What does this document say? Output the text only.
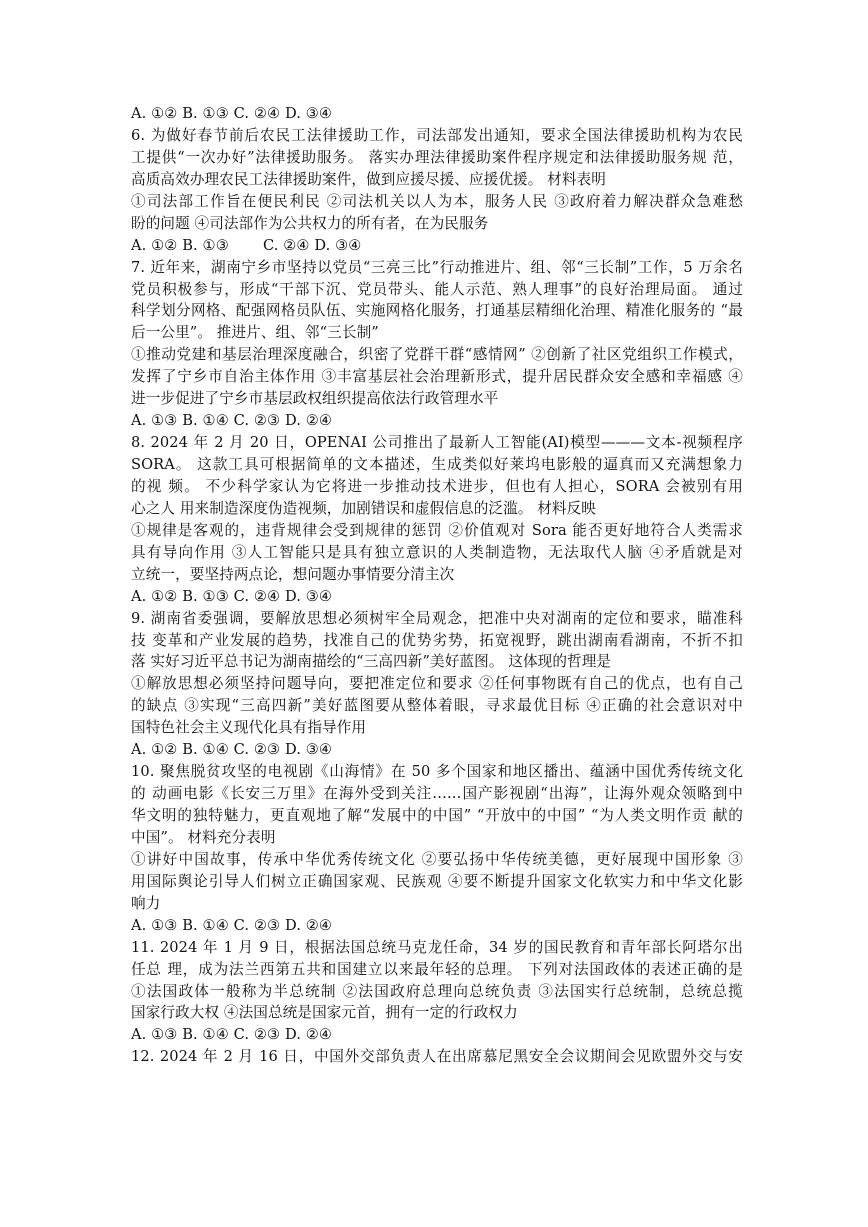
A. ①② B. ①③ C. ②④ D. ③④
6. 为做好春节前后农民工法律援助工作，司法部发出通知，要求全国法律援助机构为农民
工提供“一次办好”法律援助服务。 落实办理法律援助案件程序规定和法律援助服务规 范，
高质高效办理农民工法律援助案件，做到应援尽援、应援优援。 材料表明
①司法部工作旨在便民利民 ②司法机关以人为本，服务人民 ③政府着力解决群众急难愁
盼的问题 ④司法部作为公共权力的所有者，在为民服务
A. ①② B. ①③ 　　C. ②④ D. ③④
7. 近年来，湖南宁乡市坚持以党员“三亮三比”行动推进片、组、邻“三长制”工作，5 万余名
党员积极参与，形成“干部下沉、党员带头、能人示范、熟人理事”的良好治理局面。 通过
科学划分网格、配强网格员队伍、实施网格化服务，打通基层精细化治理、精准化服务的 “最
后一公里”。 推进片、组、邻“三长制”
①推动党建和基层治理深度融合，织密了党群干群“感情网” ②创新了社区党组织工作模式，
发挥了宁乡市自治主体作用 ③丰富基层社会治理新形式，提升居民群众安全感和幸福感 ④
进一步促进了宁乡市基层政权组织提高依法行政管理水平
A. ①③ B. ①④ C. ②③ D. ②④
8. 2024 年 2 月 20 日，OPENAI 公司推出了最新人工智能(AI)模型———文本-视频程序
SORA。 这款工具可根据简单的文本描述，生成类似好莱坞电影般的逼真而又充满想象力
的视 频。 不少科学家认为它将进一步推动技术进步，但也有人担心，SORA 会被别有用
心之人 用来制造深度伪造视频，加剧错误和虚假信息的泛滥。 材料反映
①规律是客观的，违背规律会受到规律的惩罚 ②价值观对 Sora 能否更好地符合人类需求
具有导向作用 ③人工智能只是具有独立意识的人类制造物，无法取代人脑 ④矛盾就是对
立统一，要坚持两点论，想问题办事情要分清主次
A. ①② B. ①③ C. ②④ D. ③④
9. 湖南省委强调，要解放思想必须树牢全局观念，把准中央对湖南的定位和要求，瞄准科
技 变革和产业发展的趋势，找准自己的优势劣势，拓宽视野，跳出湖南看湖南，不折不扣
落 实好习近平总书记为湖南描绘的“三高四新”美好蓝图。 这体现的哲理是
①解放思想必须坚持问题导向，要把准定位和要求 ②任何事物既有自己的优点，也有自己
的缺点 ③实现“三高四新”美好蓝图要从整体着眼，寻求最优目标 ④正确的社会意识对中
国特色社会主义现代化具有指导作用
A. ①② B. ①④ C. ②③ D. ③④
10. 聚焦脱贫攻坚的电视剧《山海情》在 50 多个国家和地区播出、蕴涵中国优秀传统文化
的 动画电影《长安三万里》在海外受到关注……国产影视剧“出海”，让海外观众领略到中
华文明的独特魅力，更直观地了解“发展中的中国” “开放中的中国” “为人类文明作贡 献的
中国”。 材料充分表明
①讲好中国故事，传承中华优秀传统文化 ②要弘扬中华传统美德，更好展现中国形象 ③
用国际舆论引导人们树立正确国家观、民族观 ④要不断提升国家文化软实力和中华文化影
响力
A. ①③ B. ①④ C. ②③ D. ②④
11. 2024 年 1 月 9 日，根据法国总统马克龙任命，34 岁的国民教育和青年部长阿塔尔出
任总 理，成为法兰西第五共和国建立以来最年轻的总理。 下列对法国政体的表述正确的是
①法国政体一般称为半总统制 ②法国政府总理向总统负责 ③法国实行总统制，总统总揽
国家行政大权 ④法国总统是国家元首，拥有一定的行政权力
A. ①③ B. ①④ C. ②③ D. ②④
12. 2024 年 2 月 16 日，中国外交部负责人在出席慕尼黑安全会议期间会见欧盟外交与安
